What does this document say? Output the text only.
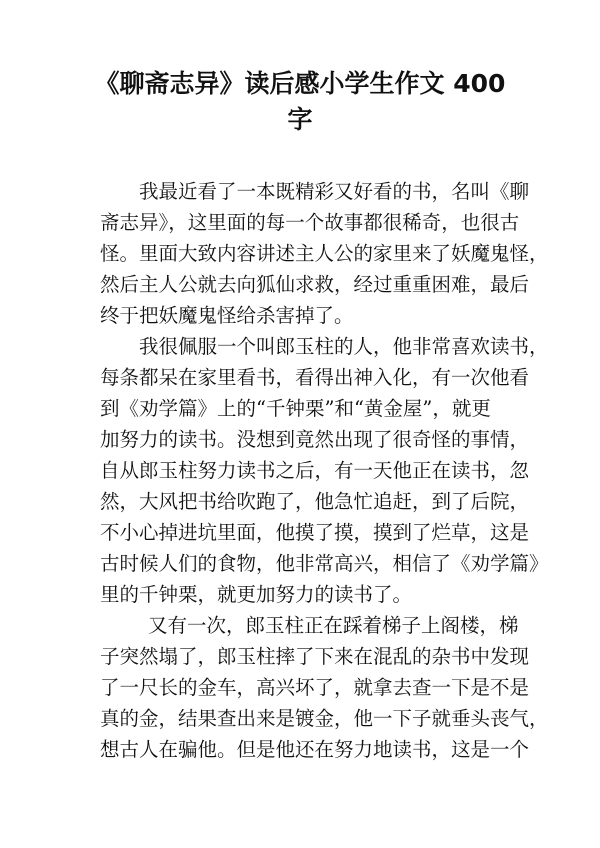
《聊斋志异》读后感小学生作文 400
字
我最近看了一本既精彩又好看的书，名叫《聊
斋志异》，这里面的每一个故事都很稀奇，也很古
怪。里面大致内容讲述主人公的家里来了妖魔鬼怪，
然后主人公就去向狐仙求救，经过重重困难，最后
终于把妖魔鬼怪给杀害掉了。
我很佩服一个叫郎玉柱的人，他非常喜欢读书，
每条都呆在家里看书，看得出神入化，有一次他看
到《劝学篇》上的“千钟栗”和“黄金屋”，就更
加努力的读书。没想到竟然出现了很奇怪的事情，
自从郎玉柱努力读书之后，有一天他正在读书，忽
然，大风把书给吹跑了，他急忙追赶，到了后院，
不小心掉进坑里面，他摸了摸，摸到了烂草，这是
古时候人们的食物，他非常高兴，相信了《劝学篇》
里的千钟栗，就更加努力的读书了。
又有一次，郎玉柱正在踩着梯子上阁楼，梯
子突然塌了，郎玉柱摔了下来在混乱的杂书中发现
了一尺长的金车，高兴坏了，就拿去查一下是不是
真的金，结果查出来是镀金，他一下子就垂头丧气，
想古人在骗他。但是他还在努力地读书，这是一个
